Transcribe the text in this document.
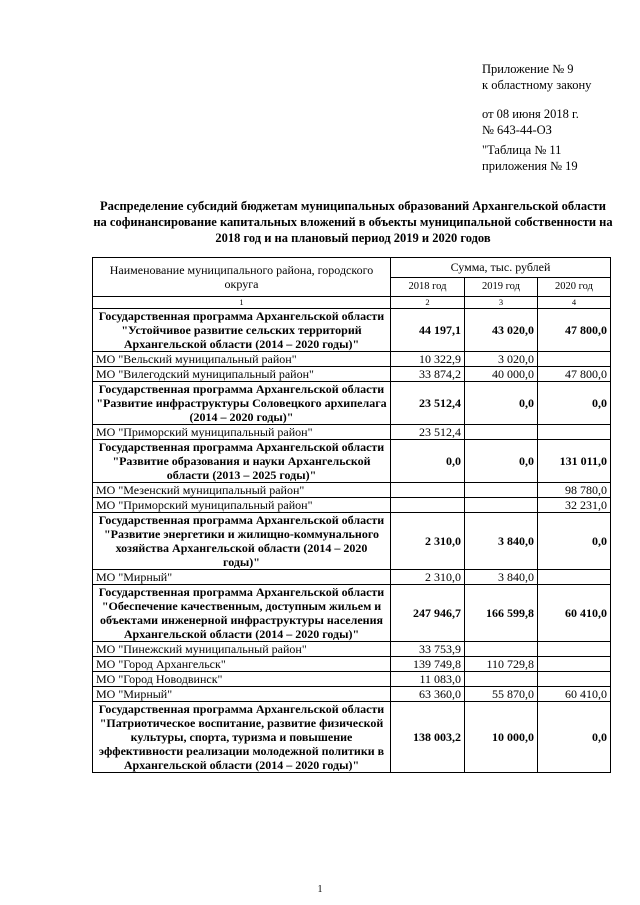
Приложение № 9
к областному закону
от 08 июня 2018 г.
№ 643-44-ОЗ
"Таблица № 11
приложения № 19
Распределение субсидий бюджетам муниципальных образований Архангельской области на софинансирование капитальных вложений в объекты муниципальной собственности на 2018 год и на плановый период 2019 и 2020 годов
Наименование муниципального района, городского округа	Сумма, тыс. рублей		
	2018 год	2019 год	2020 год
1	2	3	4
Государственная программа Архангельской области "Устойчивое развитие сельских территорий Архангельской области (2014 – 2020 годы)"	44 197,1	43 020,0	47 800,0
МО "Вельский муниципальный район"	10 322,9	3 020,0	
МО "Вилегодский муниципальный район"	33 874,2	40 000,0	47 800,0
Государственная программа Архангельской области "Развитие инфраструктуры Соловецкого архипелага (2014 – 2020 годы)"	23 512,4	0,0	0,0
МО "Приморский муниципальный район"	23 512,4		
Государственная программа Архангельской области "Развитие образования и науки Архангельской области (2013 – 2025 годы)"	0,0	0,0	131 011,0
МО "Мезенский муниципальный район"			98 780,0
МО "Приморский муниципальный район"			32 231,0
Государственная программа Архангельской области "Развитие энергетики и жилищно-коммунального хозяйства Архангельской области (2014 – 2020 годы)"	2 310,0	3 840,0	0,0
МО "Мирный"	2 310,0	3 840,0	
Государственная программа Архангельской области "Обеспечение качественным, доступным жильем и объектами инженерной инфраструктуры населения Архангельской области (2014 – 2020 годы)"	247 946,7	166 599,8	60 410,0
МО "Пинежский муниципальный район"	33 753,9		
МО "Город Архангельск"	139 749,8	110 729,8	
МО "Город Новодвинск"	11 083,0		
МО "Мирный"	63 360,0	55 870,0	60 410,0
Государственная программа Архангельской области "Патриотическое воспитание, развитие физической культуры, спорта, туризма и повышение эффективности реализации молодежной политики в Архангельской области (2014 – 2020 годы)"	138 003,2	10 000,0	0,0
1
